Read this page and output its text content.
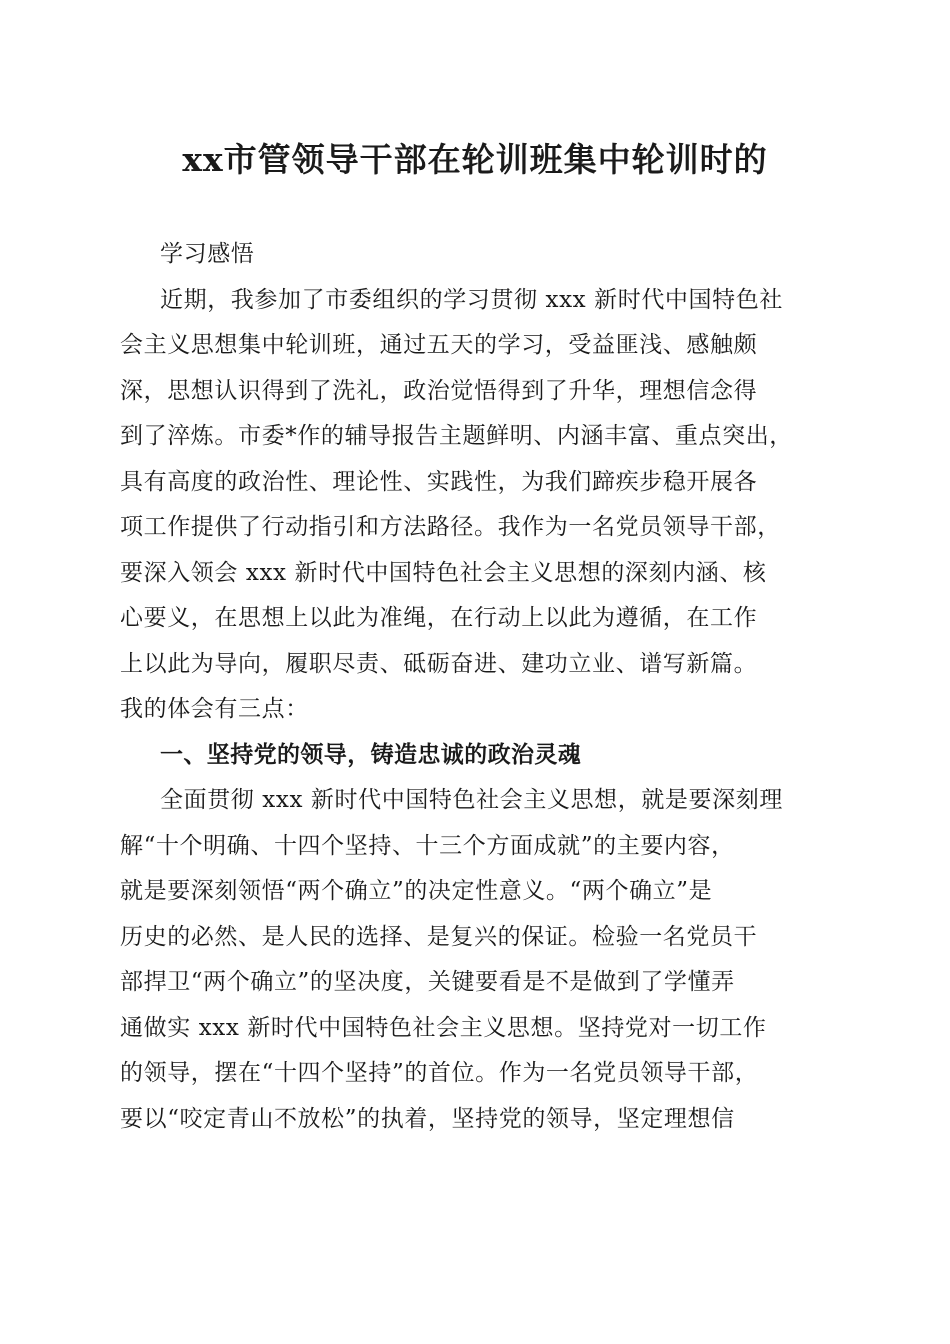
xx市管领导干部在轮训班集中轮训时的

学习感悟

近期，我参加了市委组织的学习贯彻 xxx 新时代中国特色社

会主义思想集中轮训班，通过五天的学习，受益匪浅、感触颇

深，思想认识得到了洗礼，政治觉悟得到了升华，理想信念得

到了淬炼。市委*作的辅导报告主题鲜明、内涵丰富、重点突出，

具有高度的政治性、理论性、实践性，为我们蹄疾步稳开展各

项工作提供了行动指引和方法路径。我作为一名党员领导干部，

要深入领会 xxx 新时代中国特色社会主义思想的深刻内涵、核

心要义，在思想上以此为准绳，在行动上以此为遵循，在工作

上以此为导向，履职尽责、砥砺奋进、建功立业、谱写新篇。

我的体会有三点：

一、坚持党的领导，铸造忠诚的政治灵魂

全面贯彻 xxx 新时代中国特色社会主义思想，就是要深刻理

解“十个明确、十四个坚持、十三个方面成就”的主要内容，

就是要深刻领悟“两个确立”的决定性意义。“两个确立”是

历史的必然、是人民的选择、是复兴的保证。检验一名党员干

部捍卫“两个确立”的坚决度，关键要看是不是做到了学懂弄

通做实 xxx 新时代中国特色社会主义思想。坚持党对一切工作

的领导，摆在“十四个坚持”的首位。作为一名党员领导干部，

要以“咬定青山不放松”的执着，坚持党的领导，坚定理想信
